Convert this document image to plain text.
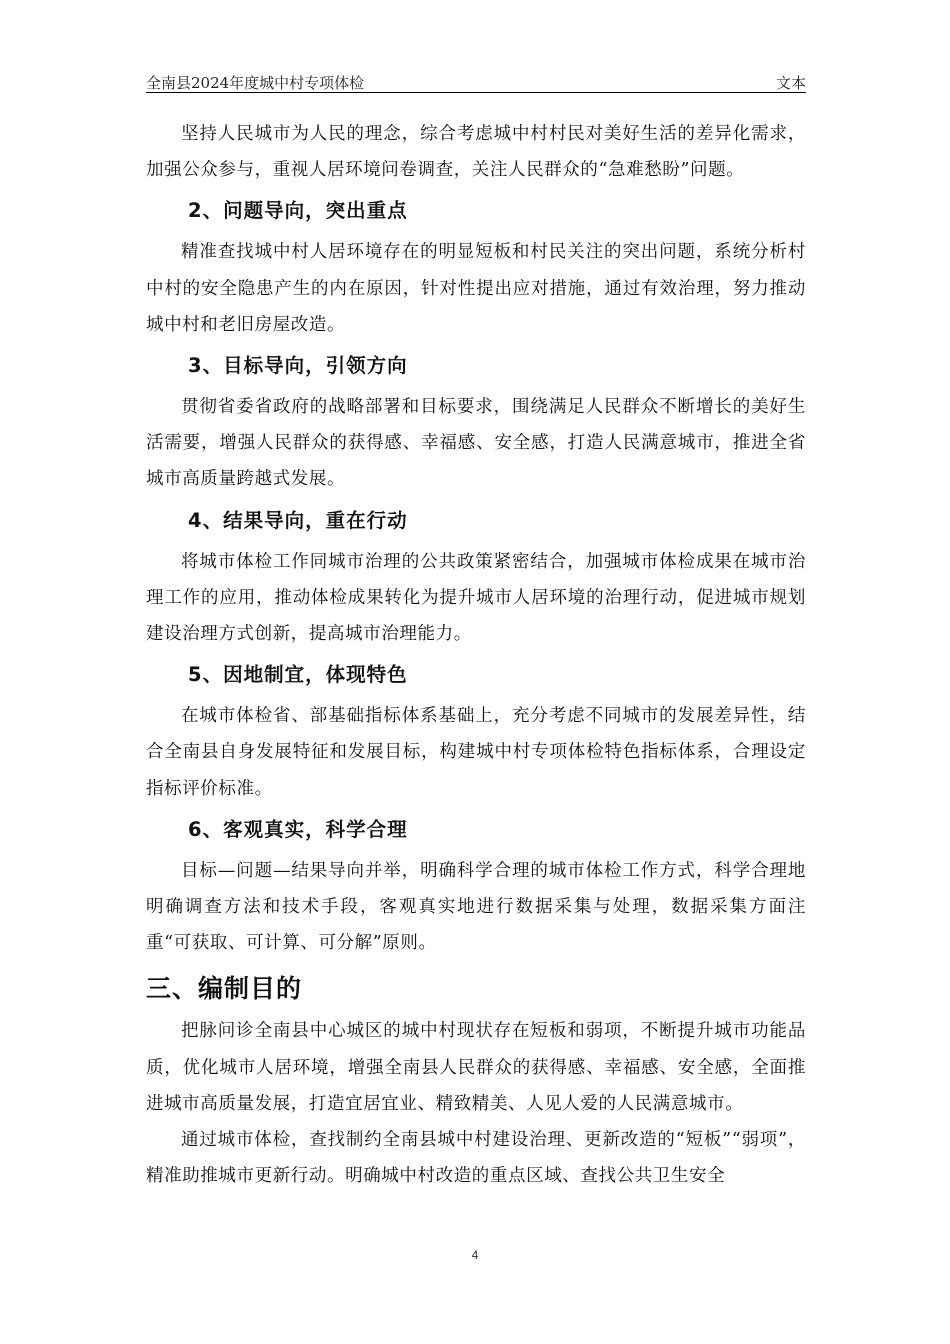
全南县2024年度城中村专项体检	文本

坚持人民城市为人民的理念，综合考虑城中村村民对美好生活的差异化需求，加强公众参与，重视人居环境问卷调查，关注人民群众的“急难愁盼”问题。

2、问题导向，突出重点

精准查找城中村人居环境存在的明显短板和村民关注的突出问题，系统分析村中村的安全隐患产生的内在原因，针对性提出应对措施，通过有效治理，努力推动城中村和老旧房屋改造。

3、目标导向，引领方向

贯彻省委省政府的战略部署和目标要求，围绕满足人民群众不断增长的美好生活需要，增强人民群众的获得感、幸福感、安全感，打造人民满意城市，推进全省城市高质量跨越式发展。

4、结果导向，重在行动

将城市体检工作同城市治理的公共政策紧密结合，加强城市体检成果在城市治理工作的应用，推动体检成果转化为提升城市人居环境的治理行动，促进城市规划建设治理方式创新，提高城市治理能力。

5、因地制宜，体现特色

在城市体检省、部基础指标体系基础上，充分考虑不同城市的发展差异性，结合全南县自身发展特征和发展目标，构建城中村专项体检特色指标体系，合理设定指标评价标准。

6、客观真实，科学合理

目标—问题—结果导向并举，明确科学合理的城市体检工作方式，科学合理地明确调查方法和技术手段，客观真实地进行数据采集与处理，数据采集方面注重“可获取、可计算、可分解”原则。

三、编制目的

把脉问诊全南县中心城区的城中村现状存在短板和弱项，不断提升城市功能品质，优化城市人居环境，增强全南县人民群众的获得感、幸福感、安全感，全面推进城市高质量发展，打造宜居宜业、精致精美、人见人爱的人民满意城市。

通过城市体检，查找制约全南县城中村建设治理、更新改造的“短板”“弱项”，精准助推城市更新行动。明确城中村改造的重点区域、查找公共卫生安全

4
